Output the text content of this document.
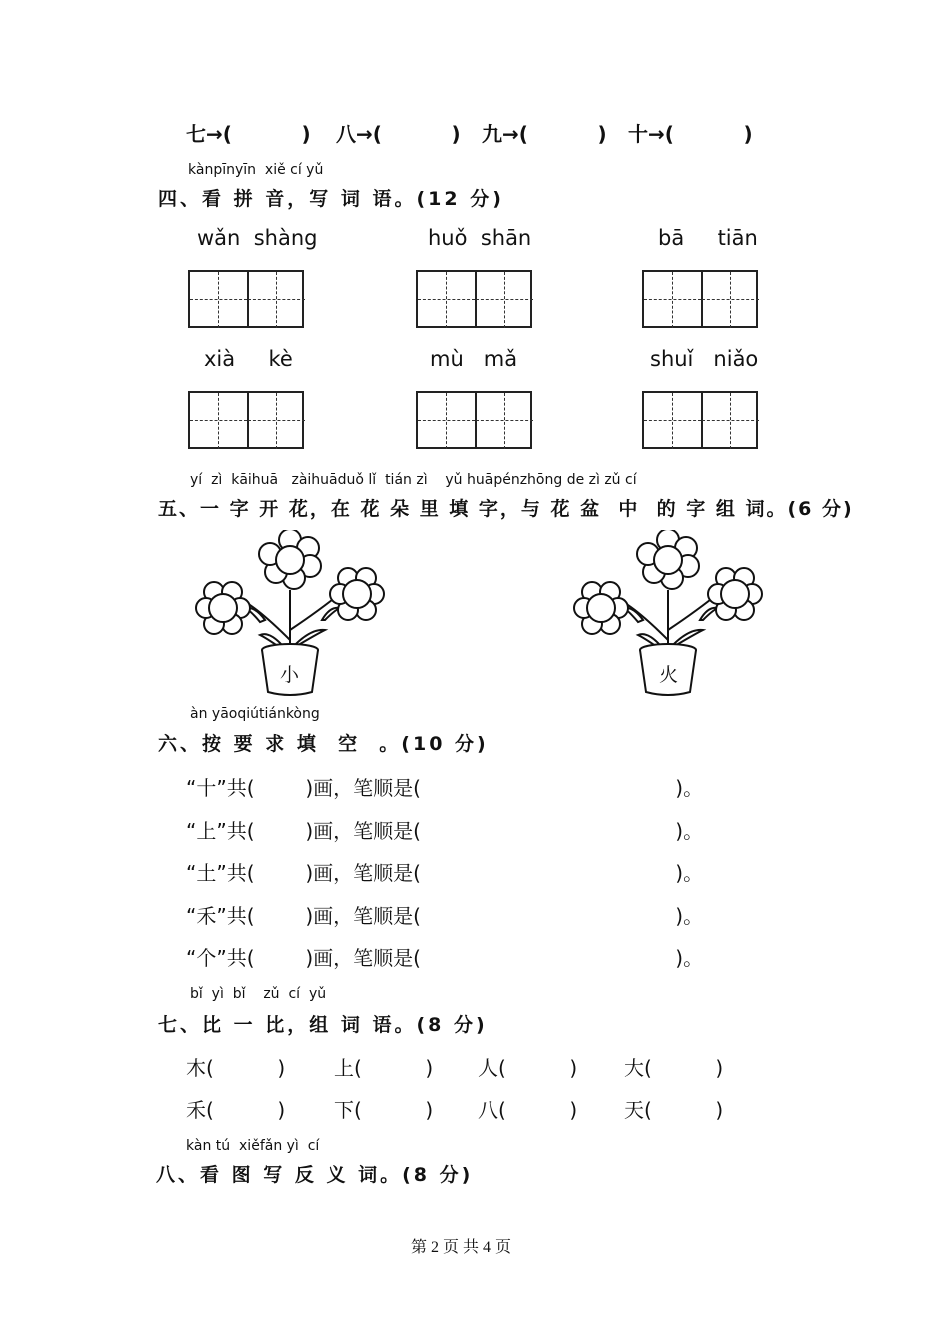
七→(          ) 八→(          ) 九→(          ) 十→(          )
kànpīnyīn  xiě cí yǔ
四、看 拼 音，写 词 语。(12 分)
wǎn  shàng	huǒ  shān	bā     tiān
xià     kè	mù   mǎ	shuǐ   niǎo
yí  zì  kāihuā   zàihuāduǒ lǐ  tián zì    yǔ huāpénzhōng de zì zǔ cí
五、一 字 开 花，在 花 朵 里 填 字，与 花 盆  中  的 字 组 词。(6 分)
小	火
àn yāoqiútiánkòng
六、按 要 求 填  空  。(10 分)
“十”共(        )画，笔顺是(                                        )。
“上”共(        )画，笔顺是(                                        )。
“土”共(        )画，笔顺是(                                        )。
“禾”共(        )画，笔顺是(                                        )。
“个”共(        )画，笔顺是(                                        )。
bǐ  yì  bǐ    zǔ  cí  yǔ
七、比 一 比，组 词 语。(8 分)
木(          ) 上(          ) 人(          ) 大(          )
禾(          ) 下(          ) 八(          ) 天(          )
kàn tú  xiěfǎn yì  cí
八、看 图 写 反 义 词。(8 分)
第 2 页 共 4 页
